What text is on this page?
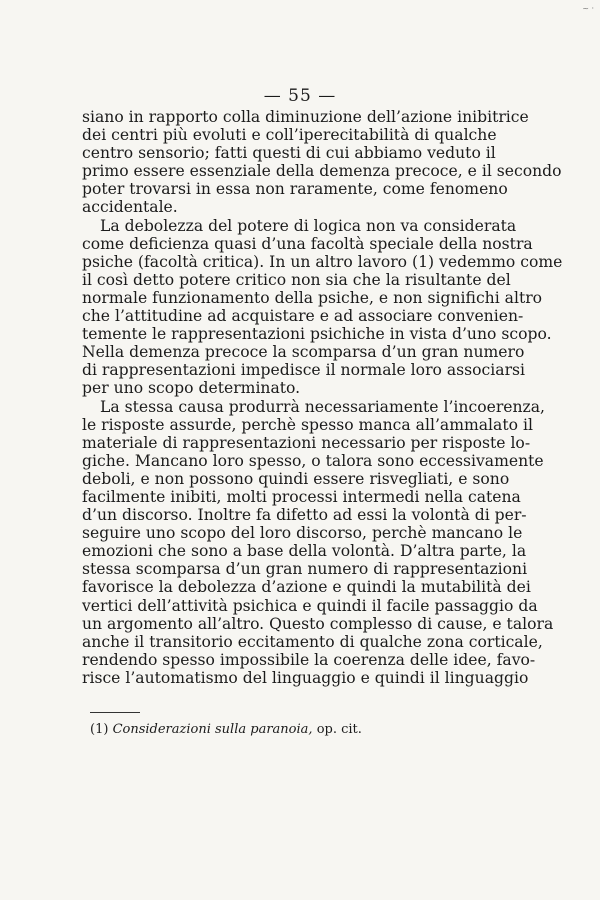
~ ·
— 55 —
siano in rapporto colla diminuzione dell’azione inibitrice
dei centri più evoluti e coll’iperecitabilità di qualche
centro sensorio; fatti questi di cui abbiamo veduto il
primo essere essenziale della demenza precoce, e il secondo
poter trovarsi in essa non raramente, come fenomeno
accidentale.
La debolezza del potere di logica non va considerata
come deficienza quasi d’una facoltà speciale della nostra
psiche (facoltà critica). In un altro lavoro (1) vedemmo come
il così detto potere critico non sia che la risultante del
normale funzionamento della psiche, e non significhi altro
che l’attitudine ad acquistare e ad associare convenien-
temente le rappresentazioni psichiche in vista d’uno scopo.
Nella demenza precoce la scomparsa d’un gran numero
di rappresentazioni impedisce il normale loro associarsi
per uno scopo determinato.
La stessa causa produrrà necessariamente l’incoerenza,
le risposte assurde, perchè spesso manca all’ammalato il
materiale di rappresentazioni necessario per risposte lo-
giche. Mancano loro spesso, o talora sono eccessivamente
deboli, e non possono quindi essere risvegliati, e sono
facilmente inibiti, molti processi intermedi nella catena
d’un discorso. Inoltre fa difetto ad essi la volontà di per-
seguire uno scopo del loro discorso, perchè mancano le
emozioni che sono a base della volontà. D’altra parte, la
stessa scomparsa d’un gran numero di rappresentazioni
favorisce la debolezza d’azione e quindi la mutabilità dei
vertici dell’attività psichica e quindi il facile passaggio da
un argomento all’altro. Questo complesso di cause, e talora
anche il transitorio eccitamento di qualche zona corticale,
rendendo spesso impossibile la coerenza delle idee, favo-
risce l’automatismo del linguaggio e quindi il linguaggio
(1) Considerazioni sulla paranoia, op. cit.
